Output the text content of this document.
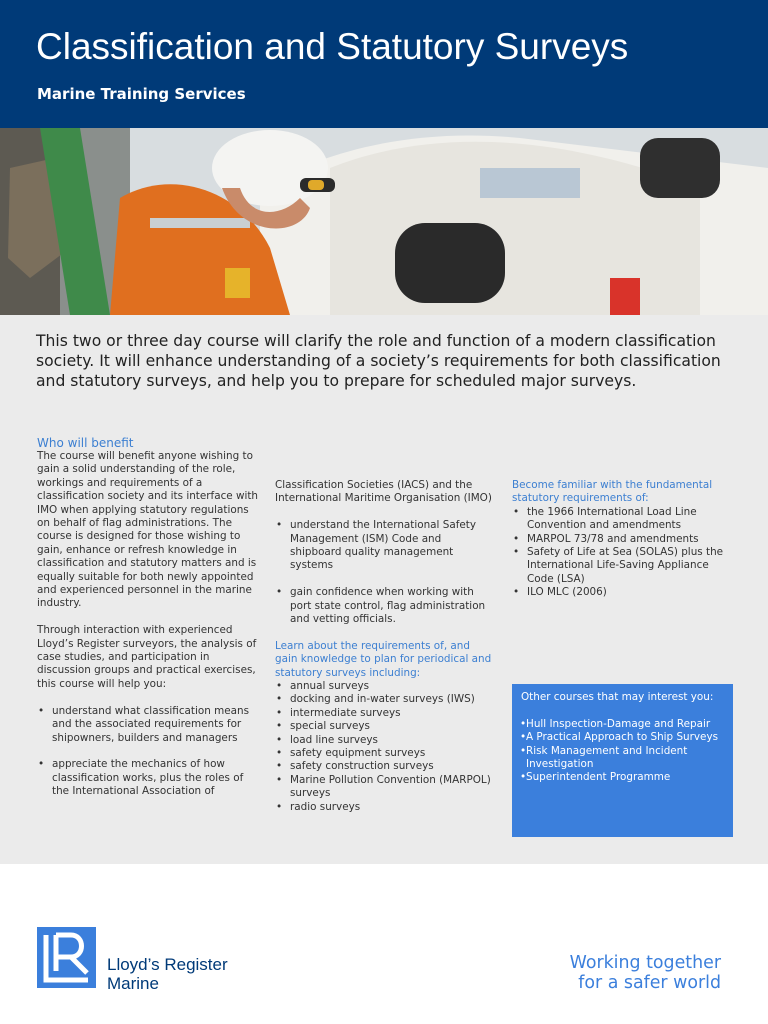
Classification and Statutory Surveys
Marine Training Services

This two or three day course will clarify the role and function of a modern classification society. It will enhance understanding of a society’s requirements for both classification and statutory surveys, and help you to prepare for scheduled major surveys.

Who will benefit

The course will benefit anyone wishing to gain a solid understanding of the role, workings and requirements of a classification society and its interface with IMO when applying statutory regulations on behalf of flag administrations. The course is designed for those wishing to gain, enhance or refresh knowledge in classification and statutory matters and is equally suitable for both newly appointed and experienced personnel in the marine industry.

Through interaction with experienced Lloyd’s Register surveyors, the analysis of case studies, and participation in discussion groups and practical exercises, this course will help you:

• understand what classification means and the associated requirements for shipowners, builders and managers
• appreciate the mechanics of how classification works, plus the roles of the International Association of

Classification Societies (IACS) and the International Maritime Organisation (IMO)

• understand the International Safety Management (ISM) Code and shipboard quality management systems
• gain confidence when working with port state control, flag administration and vetting officials.

Learn about the requirements of, and gain knowledge to plan for periodical and statutory surveys including:

• annual surveys
• docking and in-water surveys (IWS)
• intermediate surveys
• special surveys
• load line surveys
• safety equipment surveys
• safety construction surveys
• Marine Pollution Convention (MARPOL) surveys
• radio surveys

Become familiar with the fundamental statutory requirements of:

• the 1966 International Load Line Convention and amendments
• MARPOL 73/78 and amendments
• Safety of Life at Sea (SOLAS) plus the International Life-Saving Appliance Code (LSA)
• ILO MLC (2006)

Other courses that may interest you:

• Hull Inspection-Damage and Repair
• A Practical Approach to Ship Surveys
• Risk Management and Incident Investigation
• Superintendent Programme
Lloyd’s Register
Marine
Working together
for a safer world
